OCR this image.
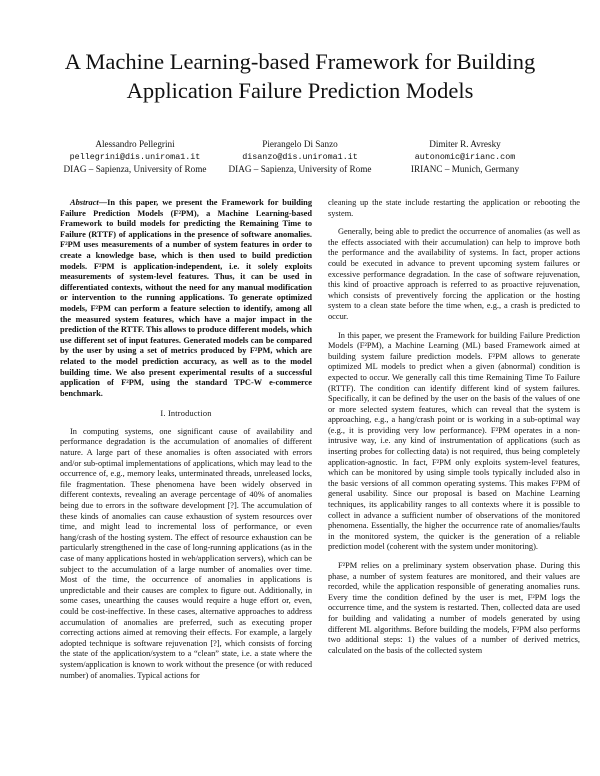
A Machine Learning-based Framework for Building
Application Failure Prediction Models
Alessandro Pellegrini
pellegrini@dis.uniroma1.it
DIAG – Sapienza, University of Rome
Pierangelo Di Sanzo
disanzo@dis.uniroma1.it
DIAG – Sapienza, University of Rome
Dimiter R. Avresky
autonomic@irianc.com
IRIANC – Munich, Germany

Abstract—In this paper, we present the Framework for building Failure Prediction Models (F²PM), a Machine Learning-based Framework to build models for predicting the Remaining Time to Failure (RTTF) of applications in the presence of software anomalies. F²PM uses measurements of a number of system features in order to create a knowledge base, which is then used to build prediction models. F²PM is application-independent, i.e. it solely exploits measurements of system-level features. Thus, it can be used in differentiated contexts, without the need for any manual modification or intervention to the running applications. To generate optimized models, F²PM can perform a feature selection to identify, among all the measured system features, which have a major impact in the prediction of the RTTF. This allows to produce different models, which use different set of input features. Generated models can be compared by the user by using a set of metrics produced by F²PM, which are related to the model prediction accuracy, as well as to the model building time. We also present experimental results of a successful application of F²PM, using the standard TPC-W e-commerce benchmark.

I. Introduction

In computing systems, one significant cause of availability and performance degradation is the accumulation of anomalies of different nature. A large part of these anomalies is often associated with errors and/or sub-optimal implementations of applications, which may lead to the occurrence of, e.g., memory leaks, unterminated threads, unreleased locks, file fragmentation. These phenomena have been widely observed in different contexts, revealing an average percentage of 40% of anomalies being due to errors in the software development [?]. The accumulation of these kinds of anomalies can cause exhaustion of system resources over time, and might lead to incremental loss of performance, or even hang/crash of the hosting system. The effect of resource exhaustion can be particularly strengthened in the case of long-running applications (as in the case of many applications hosted in web/application servers), which can be subject to the accumulation of a large number of anomalies over time. Most of the time, the occurrence of anomalies in applications is unpredictable and their causes are complex to figure out. Additionally, in some cases, unearthing the causes would require a huge effort or, even, could be cost-ineffective. In these cases, alternative approaches to address accumulation of anomalies are preferred, such as executing proper correcting actions aimed at removing their effects. For example, a largely adopted technique is software rejuvenation [?], which consists of forcing the state of the application/system to a “clean” state, i.e. a state where the system/application is known to work without the presence (or with reduced number) of anomalies. Typical actions for

cleaning up the state include restarting the application or rebooting the system.

Generally, being able to predict the occurrence of anomalies (as well as the effects associated with their accumulation) can help to improve both the performance and the availability of systems. In fact, proper actions could be executed in advance to prevent upcoming system failures or excessive performance degradation. In the case of software rejuvenation, this kind of proactive approach is referred to as proactive rejuvenation, which consists of preventively forcing the application or the hosting system to a clean state before the time when, e.g., a crash is predicted to occur.

In this paper, we present the Framework for building Failure Prediction Models (F²PM), a Machine Learning (ML) based Framework aimed at building system failure prediction models. F²PM allows to generate optimized ML models to predict when a given (abnormal) condition is expected to occur. We generally call this time Remaining Time To Failure (RTTF). The condition can identify different kind of system failures. Specifically, it can be defined by the user on the basis of the values of one or more selected system features, which can reveal that the system is approaching, e.g., a hang/crash point or is working in a sub-optimal way (e.g., it is providing very low performance). F²PM operates in a non-intrusive way, i.e. any kind of instrumentation of applications (such as inserting probes for collecting data) is not required, thus being completely application-agnostic. In fact, F²PM only exploits system-level features, which can be monitored by using simple tools typically included also in the basic versions of all common operating systems. This makes F²PM of general usability. Since our proposal is based on Machine Learning techniques, its applicability ranges to all contexts where it is possible to collect in advance a sufficient number of observations of the monitored phenomena. Essentially, the higher the occurrence rate of anomalies/faults in the monitored system, the quicker is the generation of a reliable prediction model (coherent with the system under monitoring).

F²PM relies on a preliminary system observation phase. During this phase, a number of system features are monitored, and their values are recorded, while the application responsible of generating anomalies runs. Every time the condition defined by the user is met, F²PM logs the occurrence time, and the system is restarted. Then, collected data are used for building and validating a number of models generated by using different ML algorithms. Before building the models, F²PM also performs two additional steps: 1) the values of a number of derived metrics, calculated on the basis of the collected system
